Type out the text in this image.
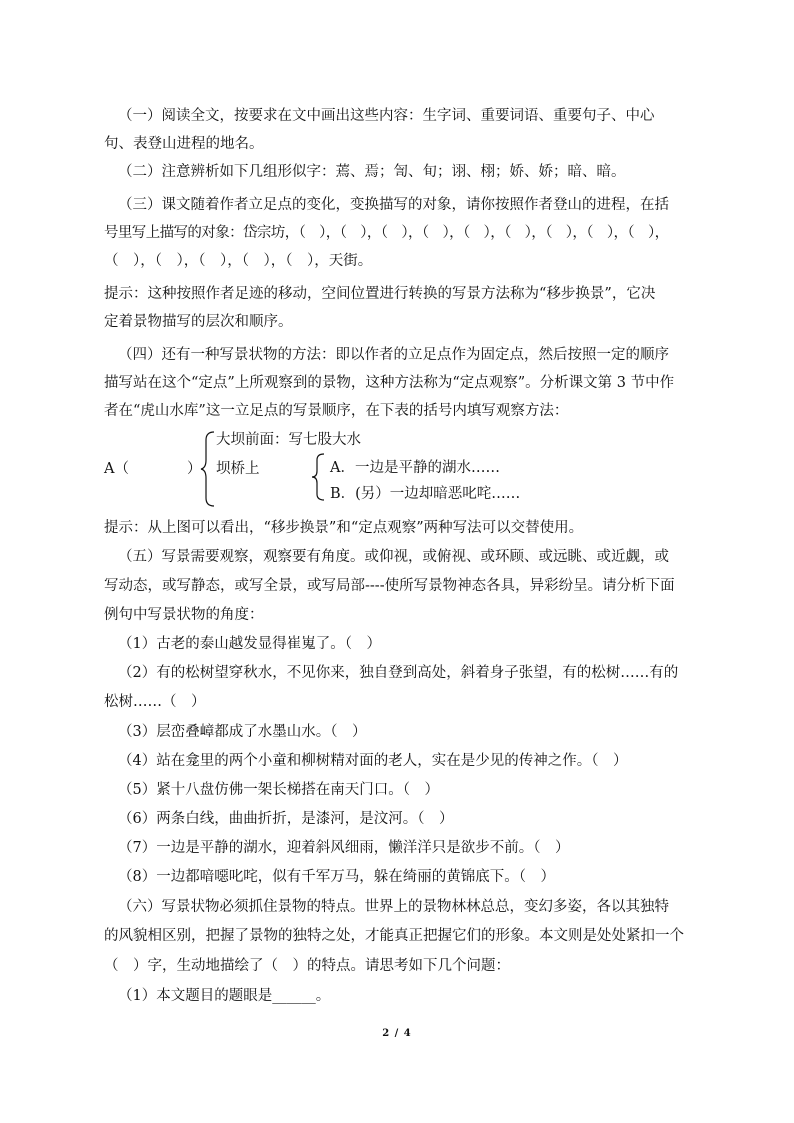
（一）阅读全文，按要求在文中画出这些内容：生字词、重要词语、重要句子、中心
句、表登山进程的地名。
（二）注意辨析如下几组形似字：蔫、焉；訇、旬；诩、栩；娇、娇；暗、暗。
（三）课文随着作者立足点的变化，变换描写的对象，请你按照作者登山的进程，在括
号里写上描写的对象：岱宗坊，（　），（　），（　），（　），（　），（　），（　），（　），（　），
（　），（　），（　），（　），（　），天街。
提示：这种按照作者足迹的移动，空间位置进行转换的写景方法称为“移步换景”，它决
定着景物描写的层次和顺序。
（四）还有一种写景状物的方法：即以作者的立足点作为固定点，然后按照一定的顺序
描写站在这个“定点”上所观察到的景物，这种方法称为“定点观察”。分析课文第 3 节中作
者在“虎山水库”这一立足点的写景顺序，在下表的括号内填写观察方法：
A（　　　　）
大坝前面：写七股大水
坝桥上	A．一边是平静的湖水……
B．(另）一边却暗恶叱咤……
提示：从上图可以看出，“移步换景”和“定点观察”两种写法可以交替使用。
（五）写景需要观察，观察要有角度。或仰视，或俯视、或环顾、或远眺、或近觑，或
写动态，或写静态，或写全景，或写局部----使所写景物神态各具，异彩纷呈。请分析下面
例句中写景状物的角度：
（1）古老的泰山越发显得崔嵬了。（　）
（2）有的松树望穿秋水，不见你来，独自登到高处，斜着身子张望，有的松树……有的
松树……（　）
（3）层峦叠嶂都成了水墨山水。（　）
（4）站在龛里的两个小童和柳树精对面的老人，实在是少见的传神之作。（　）
（5）紧十八盘仿佛一架长梯搭在南天门口。（　）
（6）两条白线，曲曲折折，是漆河，是汶河。（　）
（7）一边是平静的湖水，迎着斜风细雨，懒洋洋只是欲步不前。（　）
（8）一边都喑噁叱咤，似有千军万马，躲在绮丽的黄锦底下。（　）
（六）写景状物必须抓住景物的特点。世界上的景物林林总总，变幻多姿，各以其独特
的风貌相区别，把握了景物的独特之处，才能真正把握它们的形象。本文则是处处紧扣一个
（　）字，生动地描绘了（　）的特点。请思考如下几个问题：
（1）本文题目的题眼是______。
2 / 4
